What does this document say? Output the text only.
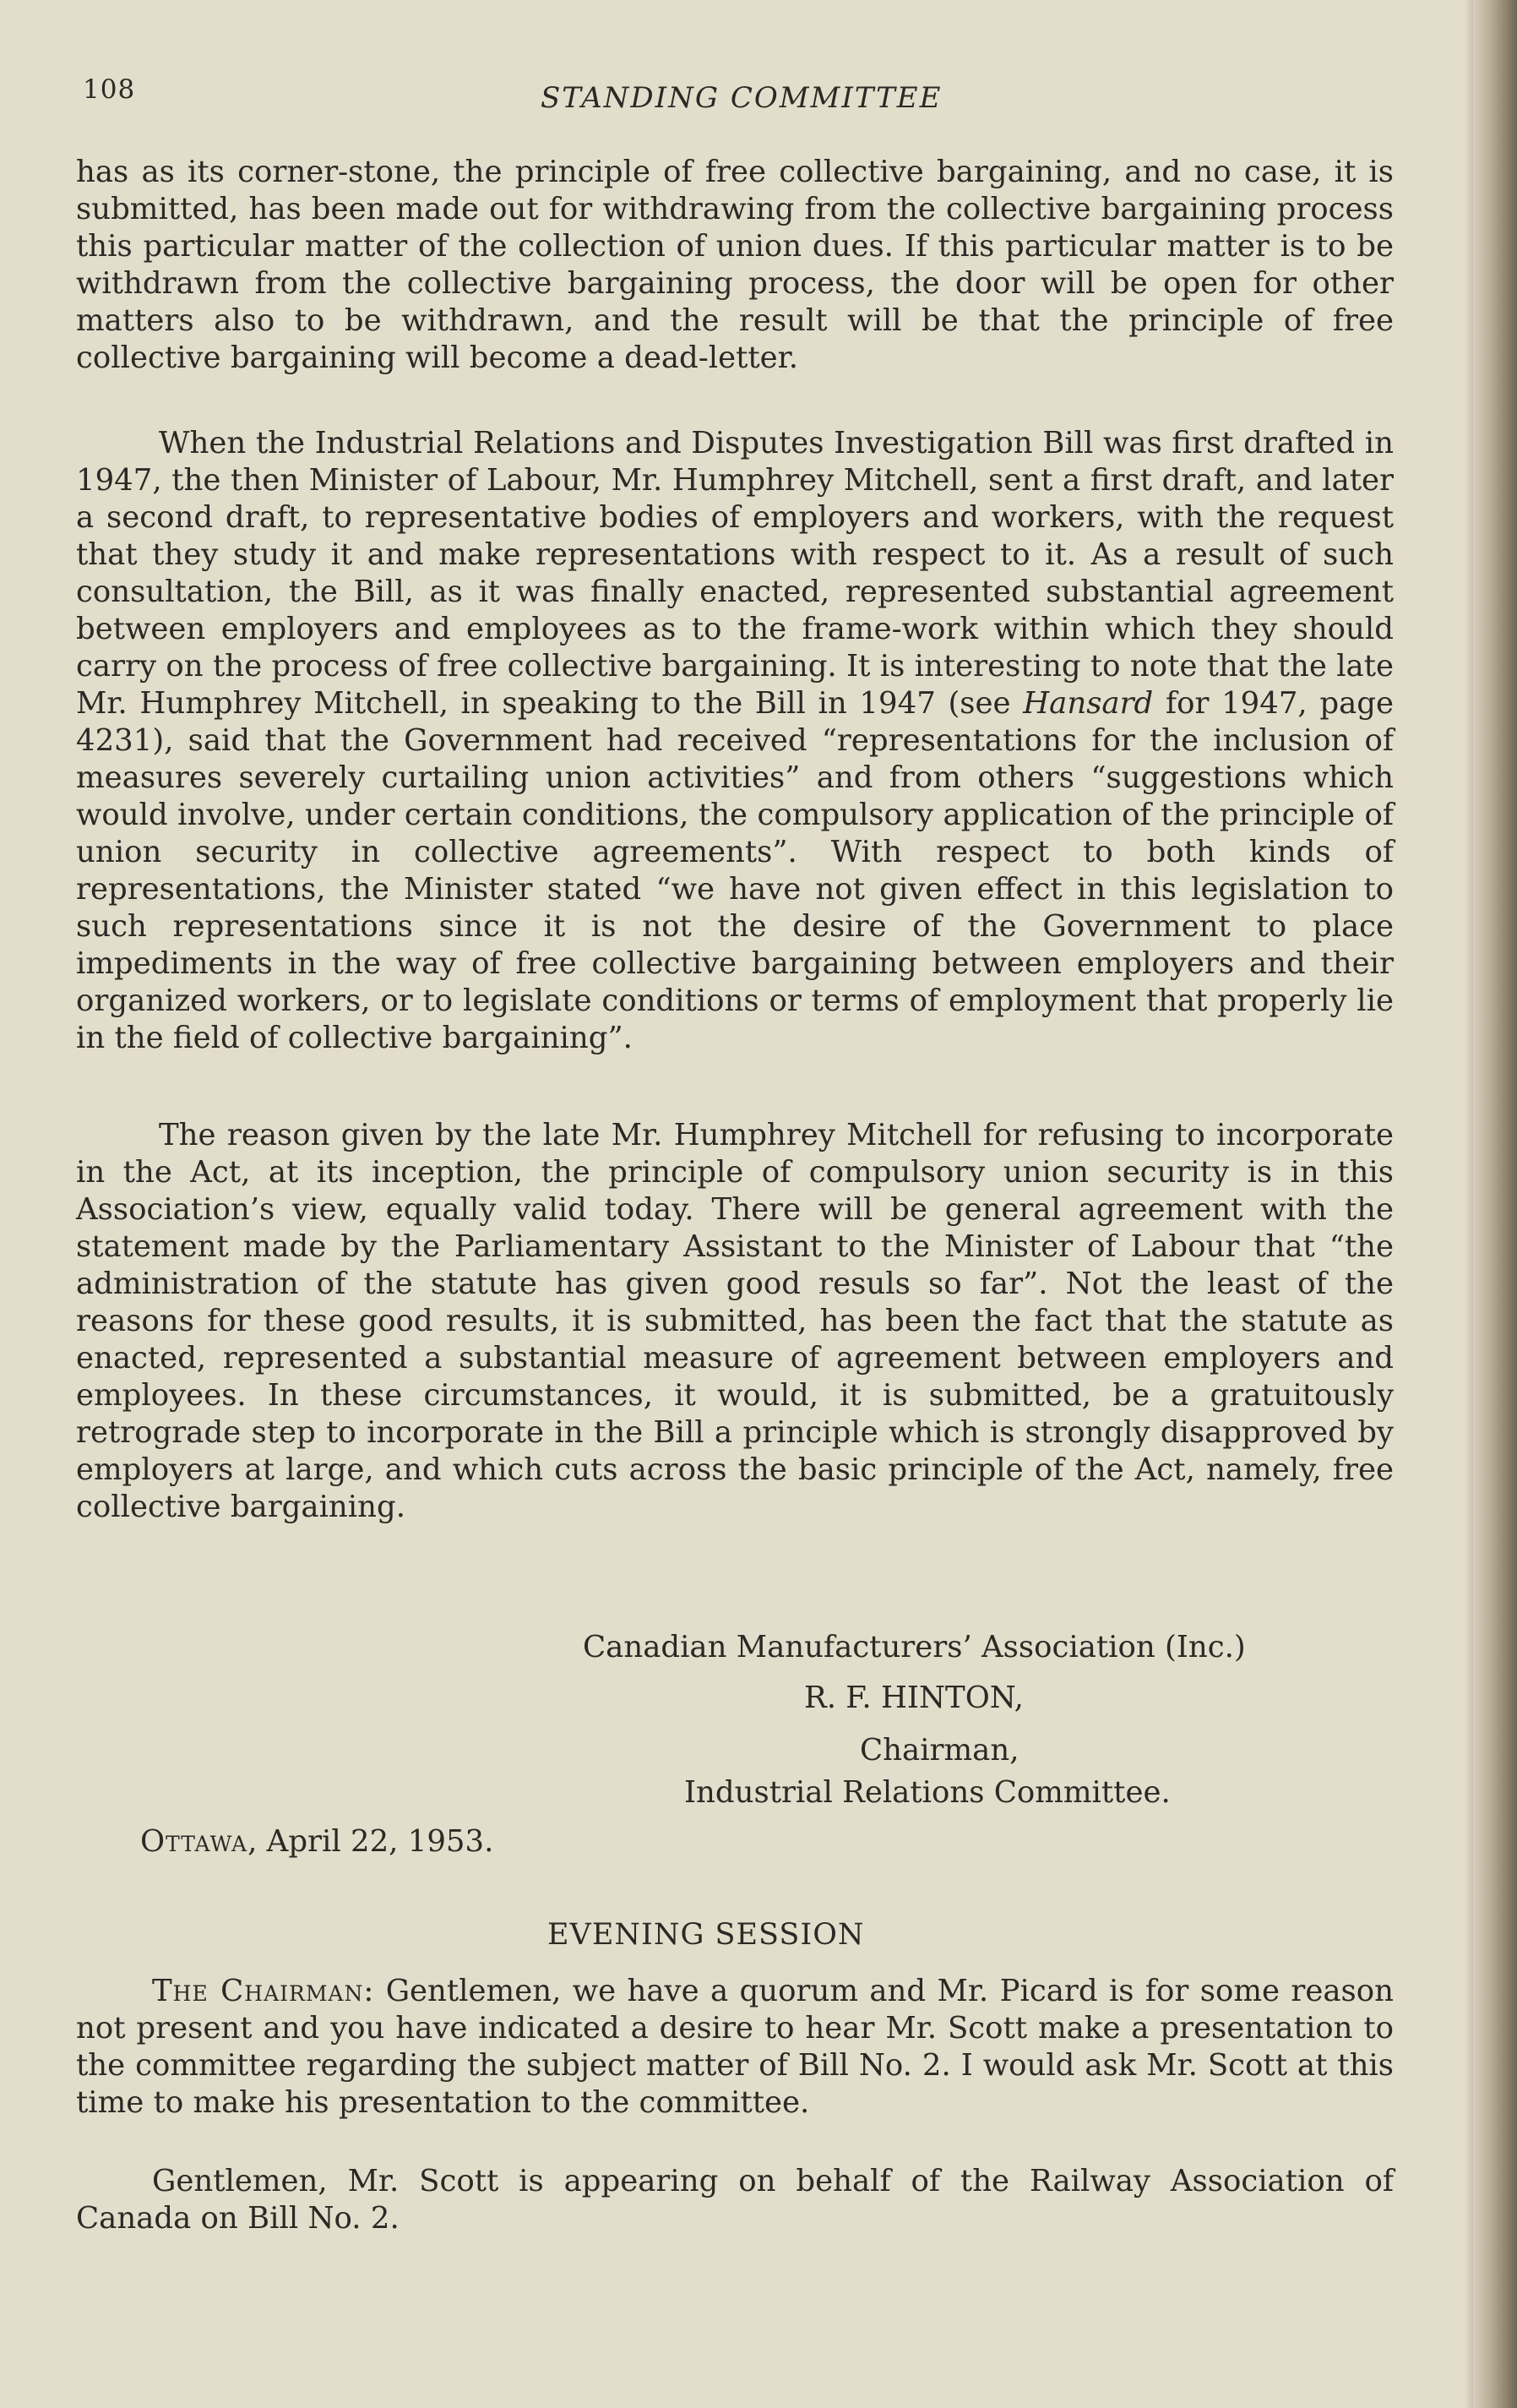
108	STANDING COMMITTEE

has as its corner-stone, the principle of free collective bargaining, and no case, it is submitted, has been made out for withdrawing from the collective bargaining process this particular matter of the collection of union dues. If this particular matter is to be withdrawn from the collective bargaining process, the door will be open for other matters also to be withdrawn, and the result will be that the principle of free collective bargaining will become a dead-letter.

When the Industrial Relations and Disputes Investigation Bill was first drafted in 1947, the then Minister of Labour, Mr. Humphrey Mitchell, sent a first draft, and later a second draft, to representative bodies of employers and workers, with the request that they study it and make representations with respect to it. As a result of such consultation, the Bill, as it was finally enacted, represented substantial agreement between employers and employees as to the frame-work within which they should carry on the process of free collective bargaining. It is interesting to note that the late Mr. Humphrey Mitchell, in speaking to the Bill in 1947 (see Hansard for 1947, page 4231), said that the Government had received “representations for the inclusion of measures severely curtailing union activities” and from others “suggestions which would involve, under certain conditions, the compulsory application of the principle of union security in collective agreements”. With respect to both kinds of representations, the Minister stated “we have not given effect in this legislation to such representations since it is not the desire of the Government to place impediments in the way of free collective bargaining between employers and their organized workers, or to legislate conditions or terms of employment that properly lie in the field of collective bargaining”.

The reason given by the late Mr. Humphrey Mitchell for refusing to incorporate in the Act, at its inception, the principle of compulsory union security is in this Association’s view, equally valid today. There will be general agreement with the statement made by the Parliamentary Assistant to the Minister of Labour that “the administration of the statute has given good resuls so far”. Not the least of the reasons for these good results, it is submitted, has been the fact that the statute as enacted, represented a substantial measure of agreement between employers and employees. In these circumstances, it would, it is submitted, be a gratuitously retrograde step to incorporate in the Bill a principle which is strongly disapproved by employers at large, and which cuts across the basic principle of the Act, namely, free collective bargaining.

Canadian Manufacturers’ Association (Inc.)
R. F. HINTON,
Chairman,
Industrial Relations Committee.
Ottawa, April 22, 1953.
EVENING SESSION

The Chairman: Gentlemen, we have a quorum and Mr. Picard is for some reason not present and you have indicated a desire to hear Mr. Scott make a presentation to the committee regarding the subject matter of Bill No. 2. I would ask Mr. Scott at this time to make his presentation to the committee.

Gentlemen, Mr. Scott is appearing on behalf of the Railway Association of Canada on Bill No. 2.
